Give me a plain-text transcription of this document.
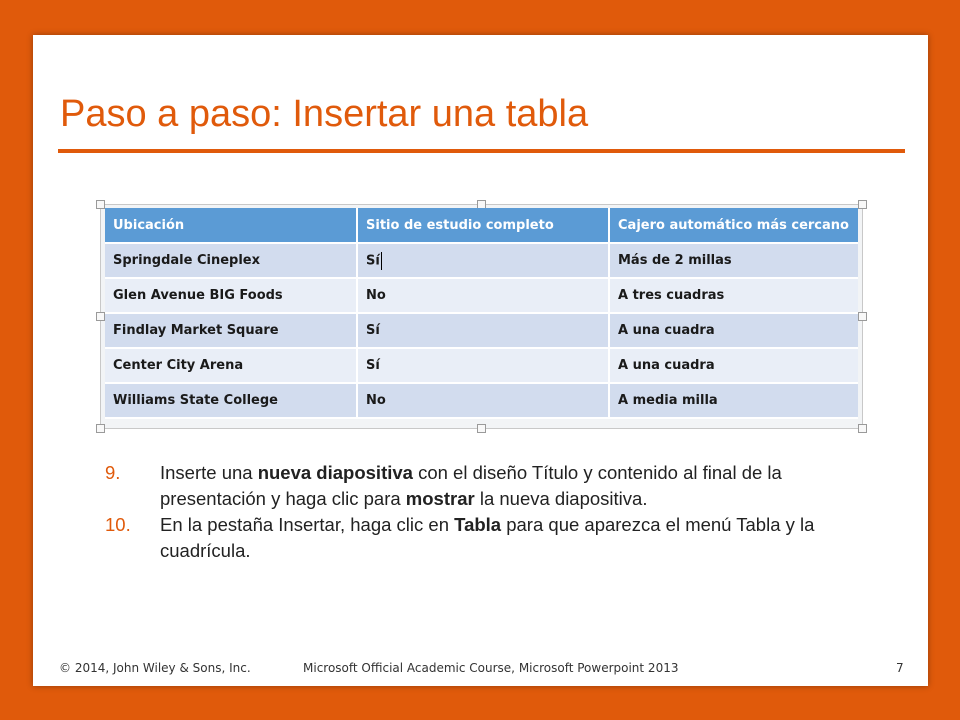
Paso a paso: Insertar una tabla
Ubicación	Sitio de estudio completo	Cajero automático más cercano
Springdale Cineplex	Sí	Más de 2 millas
Glen Avenue BIG Foods	No	A tres cuadras
Findlay Market Square	Sí	A una cuadra
Center City Arena	Sí	A una cuadra
Williams State College	No	A media milla
9.	Inserte una nueva diapositiva con el diseño Título y contenido al final de la presentación y haga clic para mostrar la nueva diapositiva.
10.	En la pestaña Insertar, haga clic en Tabla para que aparezca el menú Tabla y la cuadrícula.
© 2014, John Wiley & Sons, Inc.	Microsoft Official Academic Course, Microsoft Powerpoint 2013	7
